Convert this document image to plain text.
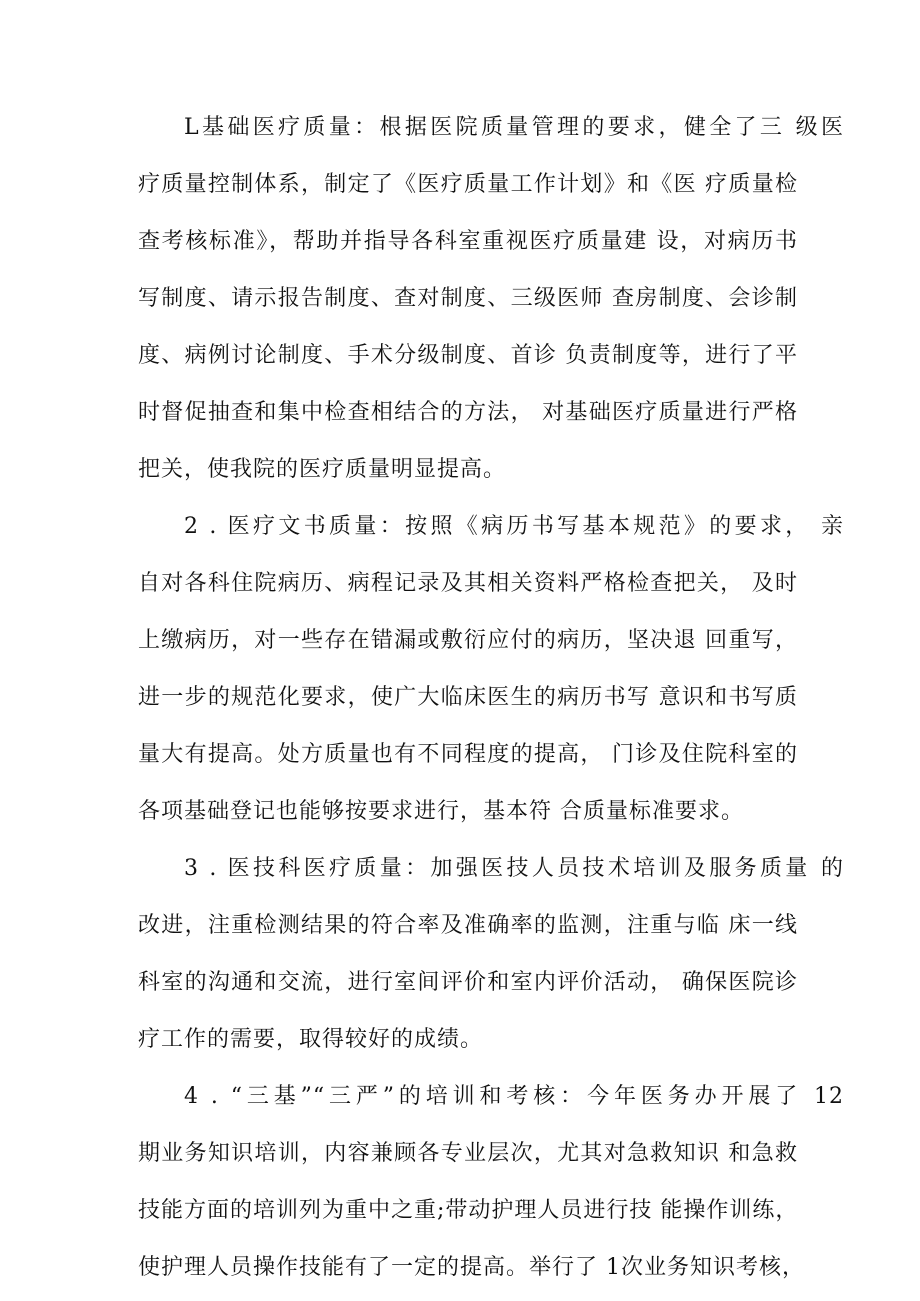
L基础医疗质量：根据医院质量管理的要求，健全了三 级医
疗质量控制体系，制定了《医疗质量工作计划》和《医 疗质量检
查考核标准》，帮助并指导各科室重视医疗质量建 设，对病历书
写制度、请示报告制度、查对制度、三级医师 查房制度、会诊制
度、病例讨论制度、手术分级制度、首诊 负责制度等，进行了平
时督促抽查和集中检查相结合的方法， 对基础医疗质量进行严格
把关，使我院的医疗质量明显提高。
2 . 医疗文书质量：按照《病历书写基本规范》的要求， 亲
自对各科住院病历、病程记录及其相关资料严格检查把关， 及时
上缴病历，对一些存在错漏或敷衍应付的病历，坚决退 回重写，
进一步的规范化要求，使广大临床医生的病历书写 意识和书写质
量大有提高。处方质量也有不同程度的提高， 门诊及住院科室的
各项基础登记也能够按要求进行，基本符 合质量标准要求。
3 . 医技科医疗质量：加强医技人员技术培训及服务质量 的
改进，注重检测结果的符合率及准确率的监测，注重与临 床一线
科室的沟通和交流，进行室间评价和室内评价活动， 确保医院诊
疗工作的需要，取得较好的成绩。
4 . “三基”“三严”的培训和考核：今年医务办开展了 12
期业务知识培训，内容兼顾各专业层次，尤其对急救知识 和急救
技能方面的培训列为重中之重;带动护理人员进行技 能操作训练，
使护理人员操作技能有了一定的提高。举行了 1次业务知识考核，
